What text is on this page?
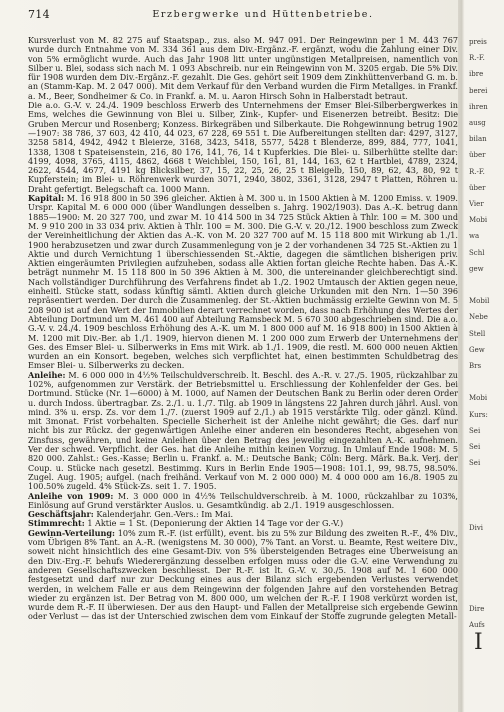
714	Erzbergwerke und Hüttenbetriebe.

Kursverlust von M. 82 275 auf Staatspap., zus. also M. 947 091. Der Reingewinn per 1 M. 443 767 wurde durch Entnahme von M. 334 361 aus dem Div.-Ergänz.-F. ergänzt, wodu die Zahlung einer Div. von 5% ermöglicht wurde. Auch das Jahr 1908 litt unter ungünstigen Metallpreisen, namentlich von Silber u. Blei, sodass sich nach M. 1 093 Abschreib. nur ein Reingewinn von M. 3205 ergab. Die 5% Div. für 1908 wurden dem Div.-Ergänz.-F. gezahlt. Die Ges. gehört seit 1909 dem Zinkhüttenverband G. m. b. an (Stamm-Kap. M. 2 047 000). Mit dem Verkauf für den Verband wurden die Firm Metallges. in Frankf. a. M., Beer, Sondheimer & Co. in Frankf. a. M. u. Aaron Hirsch Sohn in Halberstadt betraut.

Die a.o. G.-V. v. 24./4. 1909 beschloss Erwerb des Unternehmens der Emser Blei-Silberbergwerkes in Ems, welches die Gewinnung von Blei u. Silber, Zink-, Kupfer- und Eisenerzen betreibt. Besitz: Die Gruben Mercur und Rosenberg; Konzess. Birkegräben und Silberkaute. Die Rohgewinnung betrug 1902—1907: 38 786, 37 603, 42 410, 44 023, 67 228, 69 551 t. Die Aufbereitungen stellten dar: 4297, 3127, 3258 5814, 4942, 4942 t Bleierze, 3168, 3423, 5418, 5577, 5428 t Blenderze, 899, 884, 777, 1041, 1338, 1308 t Spateisenstein, 216, 80 176, 141, 76, 14 t Kupferkies. Die Blei- u. Silberhütte stellte dar: 4199, 4098, 3765, 4115, 4862, 4668 t Weichblei, 150, 161, 81, 144, 163, 62 t Hartblei, 4789, 2324, 2622, 4544, 4677, 4191 kg Blicksilber, 37, 15, 22, 25, 26, 25 t Bleigelb, 150, 89, 62, 43, 80, 92 t Kupferstein; im Blei- u. Röhrenwerk wurden 3071, 2940, 3802, 3361, 3128, 2947 t Platten, Röhren u. Draht gefertigt. Belegschaft ca. 1000 Mann.

Kapital: M. 16 918 800 in 50 396 gleicher. Aktien à M. 300 u. in 1500 Aktien à M. 1200 Emiss. v. 1909. Urspr. Kapital M. 6 000 000 (über Wandlungen desselben s. Jahrg. 1902/1903). Das A.-K. betrug dann 1885—1900: M. 20 327 700, und zwar M. 10 414 500 in 34 725 Stück Aktien à Thlr. 100 = M. 300 und M. 9 910 200 in 33 034 priv. Aktien à Thlr. 100 = M. 300. Die G.-V. v. 20./12. 1900 beschloss zum Zweck der Vereinheitlichung der Aktien das A.-K. von M. 20 327 700 auf M. 15 118 800 mit Wirkung ab 1./1. 1900 herabzusetzen und zwar durch Zusammenlegung von je 2 der vorhandenen 34 725 St.-Aktien zu 1 Aktie und durch Vernichtung 1 überschiessenden St.-Aktie, dagegen die sämtlichen bisherigen priv. Aktien eingeräumten Privilegien aufzuheben, sodass alle Aktien fortan gleiche Rechte haben. Das A.-K. beträgt nunmehr M. 15 118 800 in 50 396 Aktien à M. 300, die untereinander gleichberechtigt sind. Nach vollständiger Durchführung des Verfahrens findet ab 1./2. 1902 Umtausch der Aktien gegen neue, einheitl. Stücke statt, sodass künftig sämtl. Aktien durch gleiche Urkunden mit den Nrn. 1—50 396 repräsentiert werden. Der durch die Zusammenleg. der St.-Aktien buchmässig erzielte Gewinn von M. 5 208 900 ist auf den Wert der Immobilien derart verrechnet worden, dass nach Erhöhung des Wertes der Abteilung Dortmund um M. 461 400 auf Abteilung Ramsbeck M. 5 670 300 abgeschrieben sind. Die a.o. G.-V. v. 24./4. 1909 beschloss Erhöhung des A.-K. um M. 1 800 000 auf M. 16 918 800) in 1500 Aktien à M. 1200 mit Div.-Ber. ab 1./1. 1909, hiervon dienen M. 1 200 000 zum Erwerb der Unternehmens der Ges. des Emser Blei- u. Silberwerks in Ems mit Wirk. ab 1./1. 1909, die restl. M. 600 000 neuen Aktien wurden an ein Konsort. begeben, welches sich verpflichtet hat, einen bestimmten Schuldbetrag des Emser Blei- u. Silberwerks zu decken.

Anleihe: M. 6 000 000 in 4½% Teilschuldverschreib. lt. Beschl. des A.-R. v. 27./5. 1905, rückzahlbar zu 102%, aufgenommen zur Verstärk. der Betriebsmittel u. Erschliessung der Kohlenfelder der Ges. bei Dortmund. Stücke (Nr. 1—6000) à M. 1000, auf Namen der Deutschen Bank zu Berlin oder deren Order u. durch Indoss. übertragbar. Zs. 2./1. u. 1./7. Tilg. ab 1909 in längstens 22 Jahren durch jährl. Ausl. von mind. 3% u. ersp. Zs. vor dem 1./7. (zuerst 1909 auf 2./1.) ab 1915 verstärkte Tilg. oder gänzl. Künd. mit 3monat. Frist vorbehalten. Specielle Sicherheit ist der Anleihe nicht gewährt; die Ges. darf nur nicht bis zur Rückz. der gegenwärtigen Anleihe einer anderen ein besonderes Recht, abgesehen von Zinsfuss, gewähren, und keine Anleihen über den Betrag des jeweilig eingezahlten A.-K. aufnehmen. Ver der schwed. Verpflicht. der Ges. hat die Anleihe mithin keinen Vorzug. In Umlauf Ende 1908: M. 5 820 000. Zahlst.: Ges.-Kasse; Berlin u. Frankf. a. M.: Deutsche Bank; Cöln: Berg. Märk. Ba.k. Verj. der Coup. u. Stücke nach gesetzl. Bestimmg. Kurs in Berlin Ende 1905—1908: 101.1, 99, 98.75, 98.50%. Zugel. Aug. 1905; aufgel. (nach freihänd. Verkauf von M. 2 000 000) M. 4 000 000 am 16./8. 1905 zu 100.50% zugeld. 4% Stück-Zs. seit 1. 7. 1905.

Anleihe von 1909: M. 3 000 000 in 4½% Teilschuldverschreib. à M. 1000, rückzahlbar zu 103%, Einlösung auf Grund verstärkter Auslos. u. Gesamtkündig. ab 2./1. 1919 ausgeschlossen.

Geschäftsjahr: Kalenderjahr. Gen.-Vers.: Im Mai.

Stimmrecht: 1 Aktie = 1 St. (Deponierung der Aktien 14 Tage vor der G.-V.)

Gewinn-Verteilung: 10% zum R.-F. (ist erfüllt), event. bis zu 5% zur Bildung des zweiten R.-F., 4% Div., vom Übrigen 8% Tant. an A.-R. (wenigstens M. 30 000), 7% Tant. an Vorst. u. Beamte, Rest weitere Div., soweit nicht hinsichtlich des eine Gesamt-Div. von 5% übersteigenden Betrages eine Überweisung an den Div.-Erg.-F. behufs Wiederergänzung desselben erfolgen muss oder die G.-V. eine Verwendung zu anderen Gesellschaftszwecken beschliesst. Der R.-F. ist lt. G.-V. v. 30./5. 1908 auf M. 1 600 000 festgesetzt und darf nur zur Deckung eines aus der Bilanz sich ergebenden Verlustes verwendet werden, in welchem Falle er aus dem Reingewinn der folgenden Jahre auf den vorstehenden Betrag wieder zu ergänzen ist. Der Betrag von M. 800 000, um welchen der R.-F. I 1908 verkürzt worden ist, wurde dem R.-F. II überwiesen. Der aus den Haupt- und Fallen der Metallpreise sich ergebende Gewinn oder Verlust — das ist der Unterschied zwischen dem vom Einkauf der Stoffe zugrunde gelegten Metall-

I
preis
R.-F.
ibre
berei
ihren
ausg
bilan
über
R.-F.
über
Vier
Mobi
wa
Schl
gew
Mobil
Nebe
Stell
Gew
Brs
Mobi
Kurs:
Sei
Sei
Sei
Divi
Dire
Aufs
